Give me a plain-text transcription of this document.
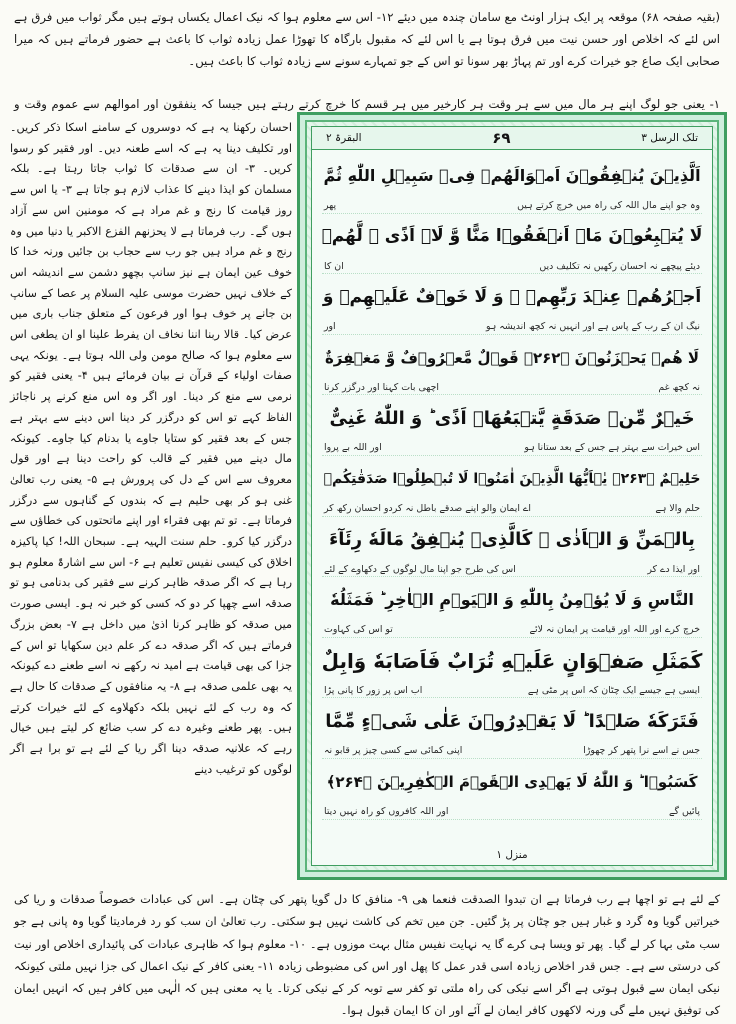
(بقیہ صفحہ ۶۸) موقعہ پر ایک ہزار اونٹ مع سامان چندہ میں دیئے ۱۲- اس سے معلوم ہوا کہ نیک اعمال یکساں ہوتے ہیں مگر ثواب میں فرق ہے اس لئے کہ اخلاص اور حسن نیت میں فرق ہوتا ہے یا اس لئے کہ مقبول بارگاہ کا تھوڑا عمل زیادہ ثواب کا باعث ہے حضور فرماتے ہیں کہ میرا صحابی ایک صاع جو خیرات کرے اور تم پہاڑ بھر سونا تو اس کے جو تمہارے سونے سے زیادہ ثواب کا باعث ہیں۔
۱- یعنی جو لوگ اپنے ہر مال میں سے ہر وقت ہر کارخیر میں ہر قسم کا خرچ کرتے رہتے ہیں جیسا کہ ینفقون اور اموالھم سے عموم وقت و

احسان رکھنا یہ ہے کہ دوسروں کے سامنے اسکا ذکر کریں۔ اور تکلیف دینا یہ ہے کہ اسے طعنہ دیں۔ اور فقیر کو رسوا کریں۔ ۳- ان سے صدقات کا ثواب جاتا رہتا ہے۔ بلکہ مسلمان کو ایذا دینے کا عذاب لازم ہو جاتا ہے ۳- یا اس سے روز قیامت کا رنج و غم مراد ہے کہ مومنین اس سے آزاد ہوں گے۔ رب فرماتا ہے لا یحزنھم الفزع الاکبر یا دنیا میں وہ رنج و غم مراد ہیں جو رب سے حجاب بن جائیں ورنہ خدا کا خوف عین ایمان ہے نیز سانپ بچھو دشمن سے اندیشہ اس کے خلاف نہیں حضرت موسی علیہ السلام پر عصا کے سانپ بن جانے پر خوف ہوا اور فرعون کے متعلق جناب باری میں عرض کیا۔ قالا ربنا اننا نخاف ان یفرط علینا او ان یطغی اس سے معلوم ہوا کہ صالح مومن ولی اللہ ہوتا ہے۔ یونکہ یہی صفات اولیاء کے قرآن نے بیان فرمائے ہیں ۴- یعنی فقیر کو نرمی سے منع کر دینا۔ اور اگر وہ اس منع کرنے پر ناجائز الفاظ کہے تو اس کو درگزر کر دینا اس دینے سے بہتر ہے جس کے بعد فقیر کو ستایا جاوے یا بدنام کیا جاوے۔ کیونکہ مال دینے میں فقیر کے قالب کو راحت دینا ہے اور قول معروف سے اس کے دل کی پرورش ہے ۵- یعنی رب تعالیٰ غنی ہو کر بھی حلیم ہے کہ بندوں کے گناہوں سے درگزر فرماتا ہے۔ تو تم بھی فقراء اور اپنے ماتحتوں کی خطاؤں سے درگزر کیا کرو۔ حلم سنت الہیہ ہے۔ سبحان اللہ! کیا پاکیزہ اخلاق کی کیسی نفیس تعلیم ہے ۶- اس سے اشارۃً معلوم ہو رہا ہے کہ اگر صدقہ ظاہر کرنے سے فقیر کی بدنامی ہو تو صدقہ اسے چھپا کر دو کہ کسی کو خبر نہ ہو۔ ایسی صورت میں صدقہ کو ظاہر کرنا اذیٰ میں داخل ہے ۷- بعض بزرگ فرماتے ہیں کہ اگر صدقہ دے کر علم دین سکھایا تو اس کے جزا کی بھی قیامت ہے امید نہ رکھے نہ اسے طعنے دے کیونکہ یہ بھی علمی صدقہ ہے ۸- یہ منافقوں کے صدقات کا حال ہے کہ وہ رب کے لئے نہیں بلکہ دکھلاوے کے لئے خیرات کرتے ہیں۔ پھر طعنے وغیرہ دے کر سب ضائع کر لیتے ہیں خیال رہے کہ علانیہ صدقہ دینا اگر ریا کے لئے ہے تو برا ہے اگر لوگوں کو ترغیب دینے

تلک الرسل ۳
۶۹
البقرۃ ۲
اَلَّذِیۡنَ یُنۡفِقُوۡنَ اَمۡوَالَهُمۡ فِیۡ سَبِیۡلِ اللّٰهِ ثُمَّ
وہ جو اپنے مال اللہ کی راہ میں خرچ کرتے ہیں
پھر
لَا یُتۡبِعُوۡنَ مَاۤ اَنۡفَقُوۡا مَنًّا وَّ لَاۤ اَذًی ۙ لَّهُمۡ
دیئے پیچھے نہ احسان رکھیں نہ تکلیف دیں
ان کا
اَجۡرُهُمۡ عِنۡدَ رَبِّهِمۡ ۚ وَ لَا خَوۡفٌ عَلَیۡهِمۡ وَ
نیگ ان کے رب کے پاس ہے اور انہیں نہ کچھ اندیشہ ہو
اور
لَا هُمۡ یَحۡزَنُوۡنَ ﴿۲۶۲﴾ قَوۡلٌ مَّعۡرُوۡفٌ وَّ مَغۡفِرَةٌ
نہ کچھ غم
اچھی بات کہنا اور درگزر کرنا
خَیۡرٌ مِّنۡ صَدَقَةٍ یَّتۡبَعُهَاۤ اَذًی ؕ وَ اللّٰهُ غَنِیٌّ
اس خیرات سے بہتر ہے جس کے بعد ستانا ہو
اور اللہ بے پروا
حَلِیۡمٌ ﴿۲۶۳﴾ یٰۤاَیُّهَا الَّذِیۡنَ اٰمَنُوۡا لَا تُبۡطِلُوۡا صَدَقٰتِكُمۡ
حلم والا ہے
اے ایمان والو اپنے صدقے باطل نہ کردو احسان رکھ کر
بِالۡمَنِّ وَ الۡاَذٰی ۙ كَالَّذِیۡ یُنۡفِقُ مَالَهٗ رِئَآءَ
اور ایذا دے کر
اس کی طرح جو اپنا مال لوگوں کے دکھاوے کے لئے
النَّاسِ وَ لَا یُؤۡمِنُ بِاللّٰهِ وَ الۡیَوۡمِ الۡاٰخِرِ ؕ فَمَثَلُهٗ
خرچ کرے اور اللہ اور قیامت پر ایمان نہ لائے
تو اس کی کہاوت
كَمَثَلِ صَفۡوَانٍ عَلَیۡهِ تُرَابٌ فَاَصَابَهٗ وَابِلٌ
ایسی ہے جیسے ایک چٹان کہ اس پر مٹی ہے
اب اس پر زور کا پانی پڑا
فَتَرَكَهٗ صَلۡدًا ؕ لَا یَقۡدِرُوۡنَ عَلٰی شَیۡءٍ مِّمَّا
جس نے اسے نرا پتھر کر چھوڑا
اپنی کمائی سے کسی چیز پر قابو نہ
كَسَبُوۡا ؕ وَ اللّٰهُ لَا یَهۡدِی الۡقَوۡمَ الۡكٰفِرِیۡنَ ﴿۲۶۴﴾
پائیں گے
اور اللہ کافروں کو راہ نہیں دیتا
منزل ۱

کے لئے ہے تو اچھا ہے رب فرماتا ہے ان تبدوا الصدقت فنعما ھی ۹- منافق کا دل گویا پتھر کی چٹان ہے۔ اس کی عبادات خصوصاً صدقات و ریا کی خیراتیں گویا وہ گرد و غبار ہیں جو چٹان پر پڑ گئیں۔ جن میں تخم کی کاشت نہیں ہو سکتی۔ رب تعالیٰ ان سب کو رد فرمادیتا گویا وہ پانی ہے جو سب مٹی بہا کر لے گیا۔ پھر تو ویسا ہی کرے گا یہ نہایت نفیس مثال بہت موزوں ہے۔ ۱۰- معلوم ہوا کہ ظاہری عبادات کی پائیداری اخلاص اور نیت کی درستی سے ہے۔ جس قدر اخلاص زیادہ اسی قدر عمل کا پھل اور اس کی مضبوطی زیادہ ۱۱- یعنی کافر کے نیک اعمال کی جزا نہیں ملتی کیونکہ نیکی ایمان سے قبول ہوتی ہے اگر اسے نیکی کی راہ ملتی تو کفر سے توبہ کر کے نیکی کرتا۔ یا یہ معنی ہیں کہ الٰہی میں کافر ہیں کہ انہیں ایمان کی توفیق نہیں ملے گی ورنہ لاکھوں کافر ایمان لے آئے اور ان کا ایمان قبول ہوا۔
